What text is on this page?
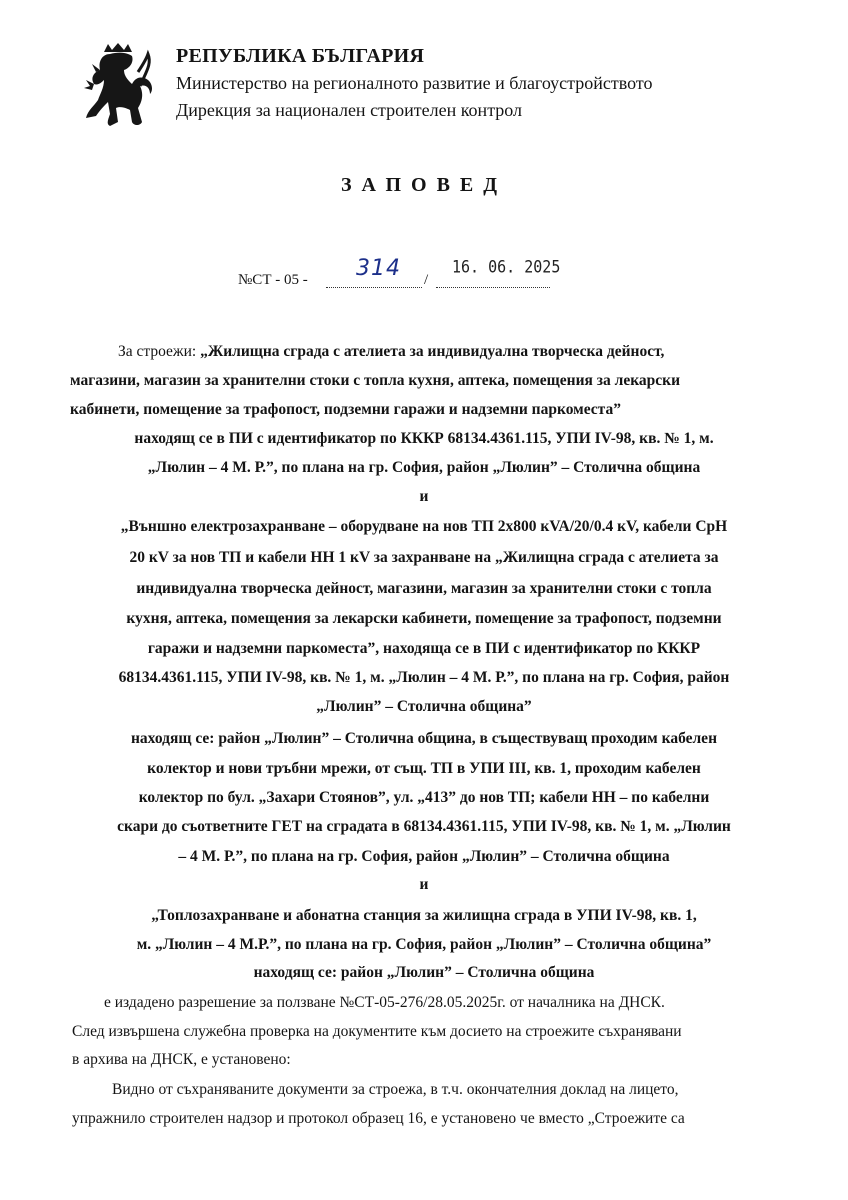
РЕПУБЛИКА БЪЛГАРИЯ
Министерство на регионалното развитие и благоустройството
Дирекция за национален строителен контрол
ЗАПОВЕД
№СТ - 05 - 314 /
16. 06. 2025
За строежи: „Жилищна сграда с ателиета за индивидуална творческа дейност,
магазини, магазин за хранителни стоки с топла кухня, аптека, помещения за лекарски
кабинети, помещение за трафопост, подземни гаражи и надземни паркоместа”
находящ се в ПИ с идентификатор по КККР 68134.4361.115, УПИ IV-98, кв. № 1, м.
„Люлин – 4 М. Р.”, по плана на гр. София, район „Люлин” – Столична община
и
„Външно електрозахранване – оборудване на нов ТП 2х800 кVA/20/0.4 кV, кабели СрН
20 кV за нов ТП и кабели НН 1 кV за захранване на „Жилищна сграда с ателиета за
индивидуална творческа дейност, магазини, магазин за хранителни стоки с топла
кухня, аптека, помещения за лекарски кабинети, помещение за трафопост, подземни
гаражи и надземни паркоместа”, находяща се в ПИ с идентификатор по КККР
68134.4361.115, УПИ IV-98, кв. № 1, м. „Люлин – 4 М. Р.”, по плана на гр. София, район
„Люлин” – Столична община”
находящ се: район „Люлин” – Столична община, в съществуващ проходим кабелен
колектор и нови тръбни мрежи, от същ. ТП в УПИ III, кв. 1, проходим кабелен
колектор по бул. „Захари Стоянов”, ул. „413” до нов ТП; кабели НН – по кабелни
скари до съответните ГЕТ на сградата в 68134.4361.115, УПИ IV-98, кв. № 1, м. „Люлин
– 4 М. Р.”, по плана на гр. София, район „Люлин” – Столична община
и
„Топлозахранване и абонатна станция за жилищна сграда в УПИ IV-98, кв. 1,
м. „Люлин – 4 М.Р.”, по плана на гр. София, район „Люлин” – Столична община”
находящ се: район „Люлин” – Столична община
е издадено разрешение за ползване №СТ-05-276/28.05.2025г. от началника на ДНСК.
След извършена служебна проверка на документите към досието на строежите съхранявани
в архива на ДНСК, е установено:
Видно от съхраняваните документи за строежа, в т.ч. окончателния доклад на лицето,
упражнило строителен надзор и протокол образец 16, е установено че вместо „Строежите са
